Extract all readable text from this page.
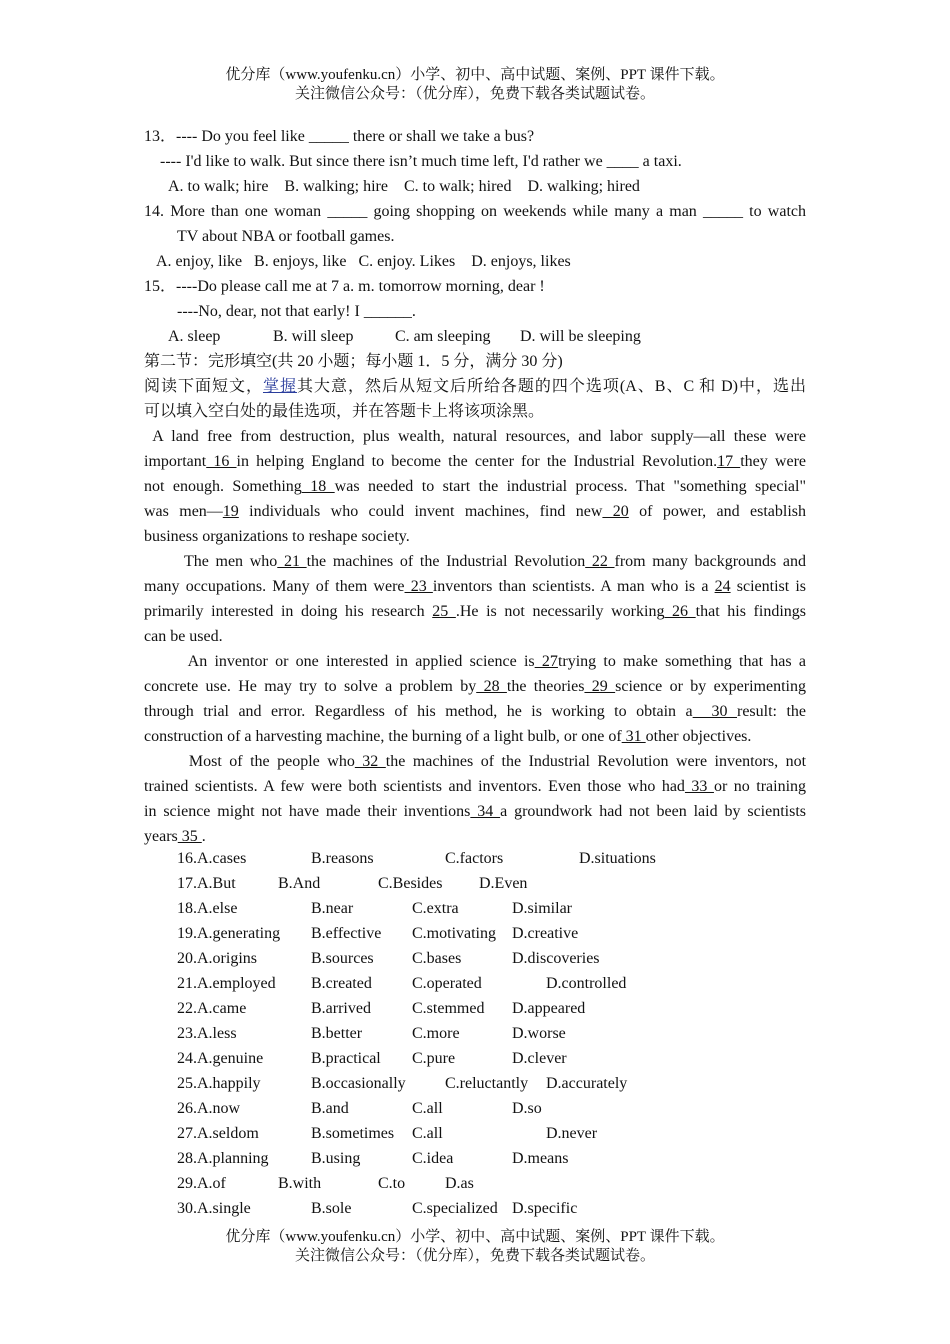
优分库（www.youfenku.cn）小学、初中、高中试题、案例、PPT 课件下载。
关注微信公众号：（优分库），免费下载各类试题试卷。
13．---- Do you feel like _____ there or shall we take a bus?
---- I'd like to walk. But since there isn’t much time left, I'd rather we ____ a taxi.
A. to walk; hire    B. walking; hire    C. to walk; hired    D. walking; hired
14. More than one woman _____ going shopping on weekends while many a man _____ to watch
TV about NBA or football games.
A. enjoy, like   B. enjoys, like   C. enjoy. Likes    D. enjoys, likes
15．----Do please call me at 7 a. m. tomorrow morning, dear !
----No, dear, not that early! I ______.
A. sleep	B. will sleep	C. am sleeping D. will be sleeping
第二节：完形填空(共 20 小题；每小题 1．5 分，满分 30 分)
阅读下面短文，掌握其大意，然后从短文后所给各题的四个选项(A、B、C 和 D)中，选出
可以填入空白处的最佳选项，并在答题卡上将该项涂黑。
A land free from destruction, plus wealth, natural resources, and labor supply—all these were
important 16 in helping England to become the center for the Industrial Revolution.17 they were
not enough. Something 18 was needed to start the industrial process. That "something special"
was men—19 individuals who could invent machines, find new 20 of power, and establish
business organizations to reshape society.
The men who 21 the machines of the Industrial Revolution 22 from many backgrounds and
many occupations. Many of them were 23 inventors than scientists. A man who is a 24 scientist is
primarily interested in doing his research 25 .He is not necessarily working 26 that his findings
can be used.
An inventor or one interested in applied science is 27trying to make something that has a
concrete use. He may try to solve a problem by 28 the theories 29 science or by experimenting
through trial and error. Regardless of his method, he is working to obtain a  30 result: the
construction of a harvesting machine, the burning of a light bulb, or one of 31 other objectives.
Most of the people who 32 the machines of the Industrial Revolution were inventors, not
trained scientists. A few were both scientists and inventors. Even those who had 33 or no training
in science might not have made their inventions 34 a groundwork had not been laid by scientists
years 35 .
16.A.cases	B.reasons	C.factors	D.situations
17.A.But	B.And	C.Besides D.Even
18.A.else	B.near	C.extra	D.similar
19.A.generating B.effective C.motivating D.creative
20.A.origins	B.sources C.bases	D.discoveries
21.A.employed B.created	C.operated	D.controlled
22.A.came	B.arrived	C.stemmed D.appeared
23.A.less	B.better	C.more	D.worse
24.A.genuine	B.practical C.pure	D.clever
25.A.happily	B.occasionally C.reluctantly D.accurately
26.A.now	B.and	C.all	D.so
27.A.seldom	B.sometimes C.all	D.never
28.A.planning	B.using	C.idea	D.means
29.A.of	B.with	C.to D.as
30.A.single	B.sole	C.specialized D.specific
优分库（www.youfenku.cn）小学、初中、高中试题、案例、PPT 课件下载。
关注微信公众号：（优分库），免费下载各类试题试卷。
